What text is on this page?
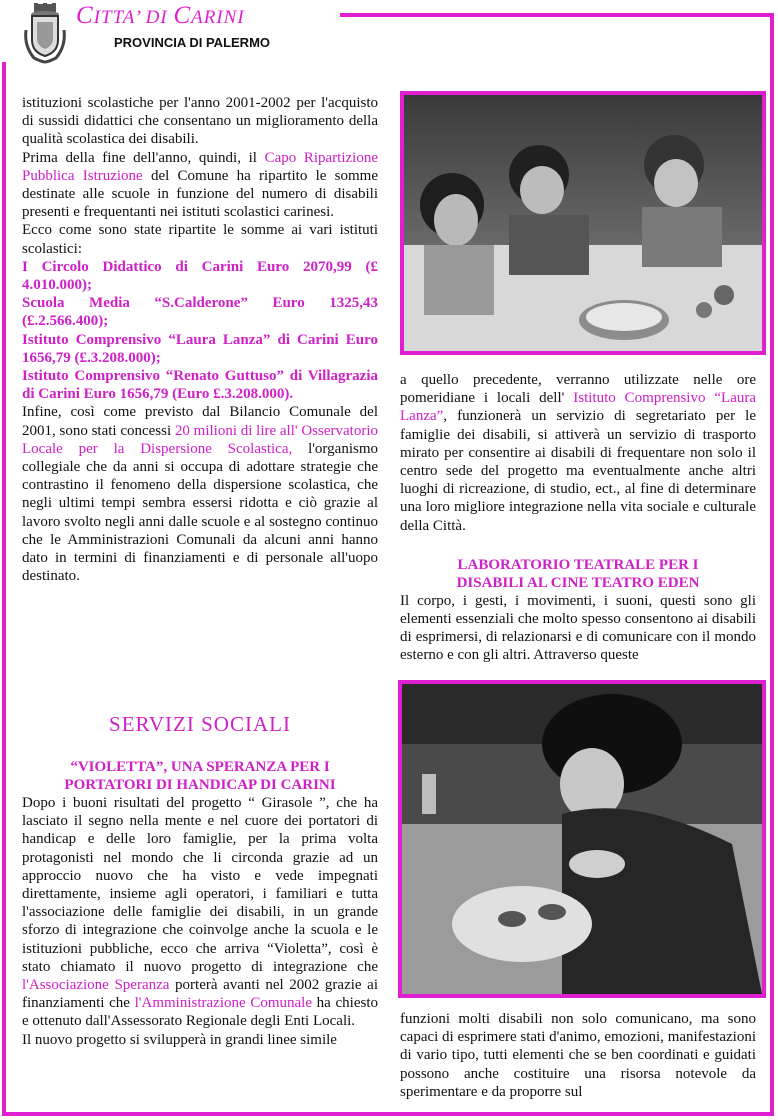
CITTA’ DI CARINI
PROVINCIA DI PALERMO

istituzioni scolastiche per l'anno 2001-2002 per l'acquisto di sussidi didattici che consentano un miglioramento della qualità scolastica dei disabili.

Prima della fine dell'anno, quindi, il Capo Ripartizione Pubblica Istruzione del Comune ha ripartito le somme destinate alle scuole in funzione del numero di disabili presenti e frequentanti nei istituti scolastici carinesi.

Ecco come sono state ripartite le somme ai vari istituti scolastici:

I Circolo Didattico di Carini Euro 2070,99 (£ 4.010.000);

Scuola Media “S.Calderone” Euro 1325,43 (£.2.566.400);

Istituto Comprensivo “Laura Lanza” di Carini Euro 1656,79 (£.3.208.000);

Istituto Comprensivo “Renato Guttuso” di Villagrazia di Carini Euro 1656,79 (Euro £.3.208.000).

Infine, così come previsto dal Bilancio Comunale del 2001, sono stati concessi 20 milioni di lire all' Osservatorio Locale per la Dispersione Scolastica, l'organismo collegiale che da anni si occupa di adottare strategie che contrastino il fenomeno della dispersione scolastica, che negli ultimi tempi sembra essersi ridotta e ciò grazie al lavoro svolto negli anni dalle scuole e al sostegno continuo che le Amministrazioni Comunali da alcuni anni hanno dato in termini di finanziamenti e di personale all'uopo destinato.

a quello precedente, verranno utilizzate nelle ore pomeridiane i locali dell' Istituto Comprensivo “Laura Lanza”, funzionerà un servizio di segretariato per le famiglie dei disabili, si attiverà un servizio di trasporto mirato per consentire ai disabili di frequentare non solo il centro sede del progetto ma eventualmente anche altri luoghi di ricreazione, di studio, ect., al fine di determinare una loro migliore integrazione nella vita sociale e culturale della Città.

LABORATORIO TEATRALE PER I

DISABILI AL CINE TEATRO EDEN

Il corpo, i gesti, i movimenti, i suoni, questi sono gli elementi essenziali che molto spesso consentono ai disabili di esprimersi, di relazionarsi e di comunicare con il mondo esterno e con gli altri. Attraverso queste

SERVIZI SOCIALI

“VIOLETTA”, UNA SPERANZA PER I

PORTATORI DI HANDICAP DI CARINI

Dopo i buoni risultati del progetto “ Girasole ”, che ha lasciato il segno nella mente e nel cuore dei portatori di handicap e delle loro famiglie, per la prima volta protagonisti nel mondo che li circonda grazie ad un approccio nuovo che ha visto e vede impegnati direttamente, insieme agli operatori, i familiari e tutta l'associazione delle famiglie dei disabili, in un grande sforzo di integrazione che coinvolge anche la scuola e le istituzioni pubbliche, ecco che arriva “Violetta”, così è stato chiamato il nuovo progetto di integrazione che l'Associazione Speranza porterà avanti nel 2002 grazie ai finanziamenti che l'Amministrazione Comunale ha chiesto e ottenuto dall'Assessorato Regionale degli Enti Locali.

Il nuovo progetto si svilupperà in grandi linee simile

funzioni molti disabili non solo comunicano, ma sono capaci di esprimere stati d'animo, emozioni, manifestazioni di vario tipo, tutti elementi che se ben coordinati e guidati possono anche costituire una risorsa notevole da sperimentare e da proporre sul
